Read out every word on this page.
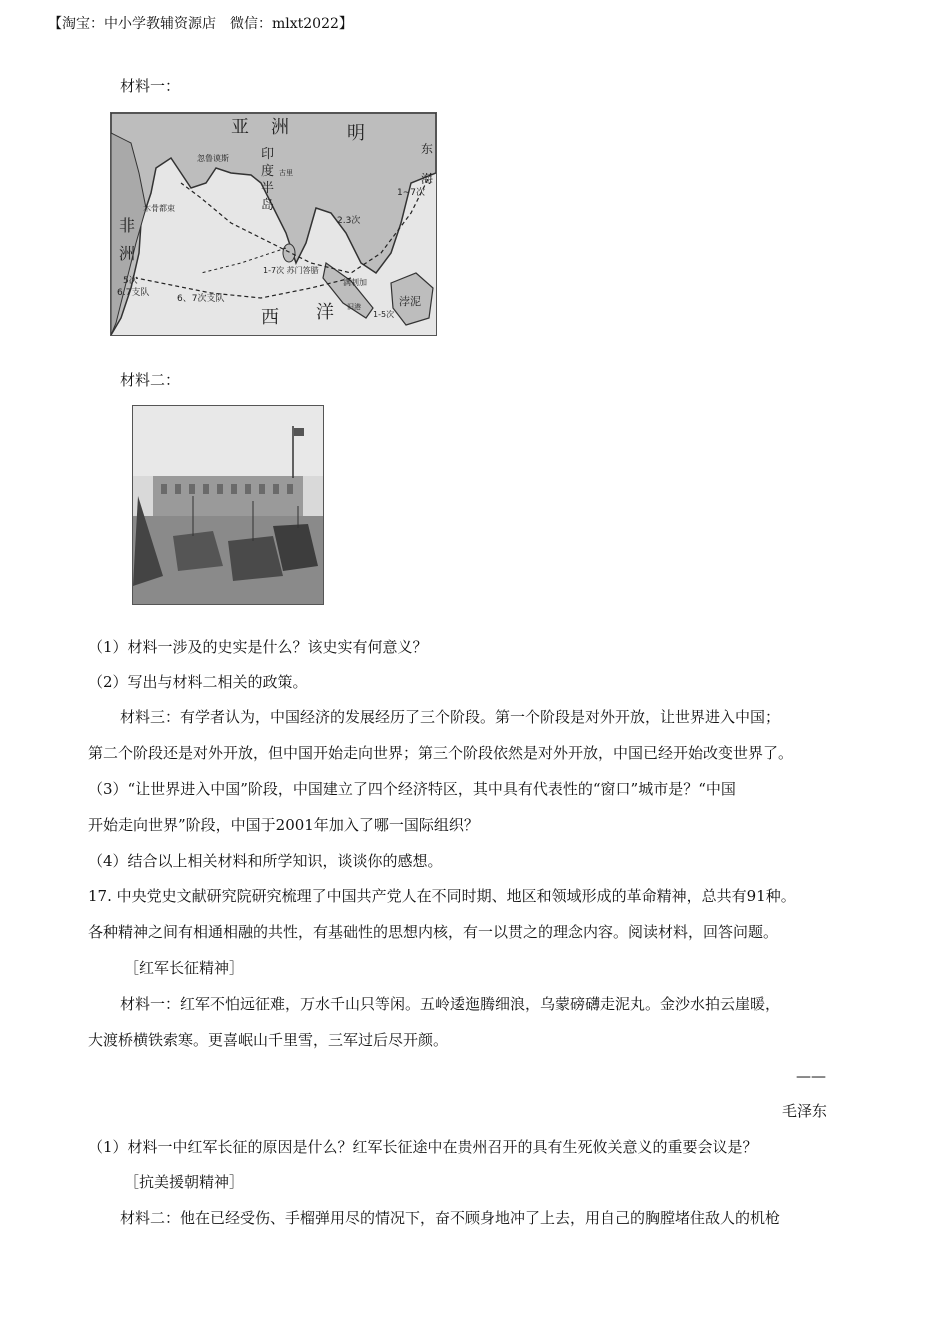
【淘宝：中小学教辅资源店　微信：mlxt2022】
材料一：
亚 洲	明
印
度
半
岛
非
洲
西 洋
东
海
浡泥
忽鲁谟斯
木骨都束
古里
满剌加
旧港
5次
6.7支队
1~7次
2.3次
1-5次
6、7次支队
1-7次 苏门答腊
材料二：
（1）材料一涉及的史实是什么？该史实有何意义？
（2）写出与材料二相关的政策。
材料三：有学者认为，中国经济的发展经历了三个阶段。第一个阶段是对外开放，让世界进入中国；
第二个阶段还是对外开放，但中国开始走向世界；第三个阶段依然是对外开放，中国已经开始改变世界了。
（3）“让世界进入中国”阶段，中国建立了四个经济特区，其中具有代表性的“窗口”城市是？“中国
开始走向世界”阶段，中国于2001年加入了哪一国际组织？
（4）结合以上相关材料和所学知识，谈谈你的感想。
17. 中央党史文献研究院研究梳理了中国共产党人在不同时期、地区和领域形成的革命精神，总共有91种。
各种精神之间有相通相融的共性，有基础性的思想内核，有一以贯之的理念内容。阅读材料，回答问题。
［红军长征精神］
材料一：红军不怕远征难，万水千山只等闲。五岭逶迤腾细浪，乌蒙磅礴走泥丸。金沙水拍云崖暖，
大渡桥横铁索寒。更喜岷山千里雪，三军过后尽开颜。
——
毛泽东
（1）材料一中红军长征的原因是什么？红军长征途中在贵州召开的具有生死攸关意义的重要会议是？
［抗美援朝精神］
材料二：他在已经受伤、手榴弹用尽的情况下，奋不顾身地冲了上去，用自己的胸膛堵住敌人的机枪
